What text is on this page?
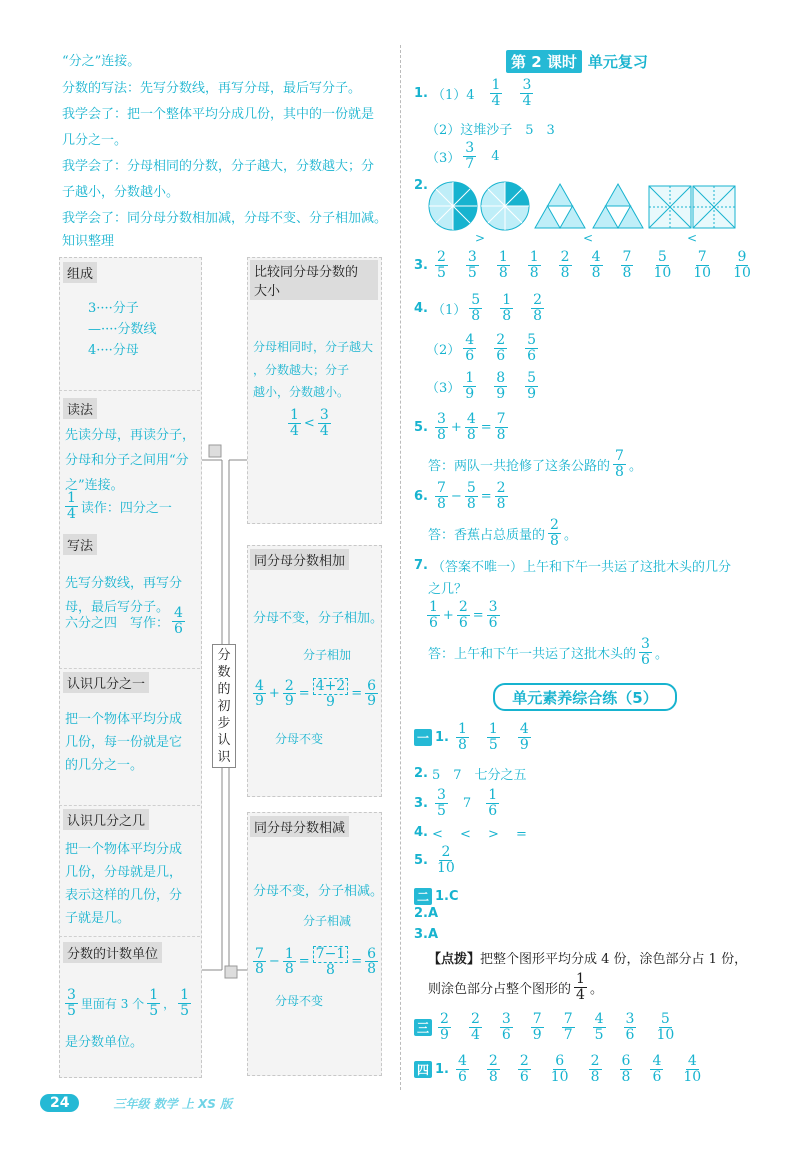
“分之”连接。
分数的写法：先写分数线，再写分母，最后写分子。
我学会了：把一个整体平均分成几份，其中的一份就是
几分之一。
我学会了：分母相同的分数，分子越大，分数越大；分
子越小，分数越小。
我学会了：同分母分数相加减，分母不变、分子相加减。
知识整理
组成
3····分子
—····分数线
4····分母
读法
先读分母，再读分子，
分母和分子之间用“分
之”连接。
$\frac{1}{4}$ 读作：四分之一
写法
先写分数线，再写分
母，最后写分子。
六分之四　写作： $\frac{4}{6}$
认识几分之一
把一个物体平均分成
几份，每一份就是它
的几分之一。
认识几分之几
把一个物体平均分成
几份，分母就是几，
表示这样的几份，分
子就是几。
分数的计数单位
$\frac{3}{5}$ 里面有 3 个 $\frac{1}{5}$ ， $\frac{1}{5}$
是分数单位。
分
数
的
初
步
认
识
比较同分母分数的
大小
分母相同时，分子越大
，分数越大；分子
越小，分数越小。
$\frac{1}{4} < \frac{3}{4}$
同分母分数相加
分母不变，分子相加。
分子相加
$\frac{4}{9} + \frac{2}{9} = \frac{4+2}{9} = \frac{6}{9}$
分母不变
同分母分数相减
分母不变，分子相减。
分子相减
$\frac{7}{8} - \frac{1}{8} = \frac{7-1}{8} = \frac{6}{8}$
分母不变
第 2 课时 单元复习
1. $(1)4 \frac{1}{4} \frac{3}{4}$
（2）这堆沙子　5　3
$(3) \frac{3}{7} 4$
2.
>	<	<
3. $\frac{2}{5} \frac{3}{5} \frac{1}{8} \frac{1}{8} \frac{2}{8} \frac{4}{8} \frac{7}{8} \frac{5}{10} \frac{7}{10} \frac{9}{10}$
4. $(1) \frac{5}{8} \frac{1}{8} \frac{2}{8}$
$(2) \frac{4}{6} \frac{2}{6} \frac{5}{6}$
$(3) \frac{1}{9} \frac{8}{9} \frac{5}{9}$
5. $\frac{3}{8} + \frac{4}{8} = \frac{7}{8}$
答：两队一共抢修了这条公路的 $\frac{7}{8}$ 。
6. $\frac{7}{8} - \frac{5}{8} = \frac{2}{8}$
答：香蕉占总质量的 $\frac{2}{8}$ 。
7. （答案不唯一）上午和下午一共运了这批木头的几分
之几？
$\frac{1}{6} + \frac{2}{6} = \frac{3}{6}$
答：上午和下午一共运了这批木头的 $\frac{3}{6}$ 。
单元素养综合练（5）
一 1. $\frac{1}{8} \frac{1}{5} \frac{4}{9}$
2. 5　7　七分之五
3. $\frac{3}{5} 7 \frac{1}{6}$
4. <　 <　 >　 =
5. $\frac{2}{10}$
二 1.C
2.A
3.A
【点拨】 把整个图形平均分成 4 份，涂色部分占 1 份，
则涂色部分占整个图形的 $\frac{1}{4}$ 。
三 $\frac{2}{9} \frac{2}{4} \frac{3}{6} \frac{7}{9} \frac{7}{7} \frac{4}{5} \frac{3}{6} \frac{5}{10}$
四 1. $\frac{4}{6} \frac{2}{8} \frac{2}{6} \frac{6}{10} \frac{2}{8} \frac{6}{8} \frac{4}{6} \frac{4}{10}$
24	三年级 数学 上 XS 版
